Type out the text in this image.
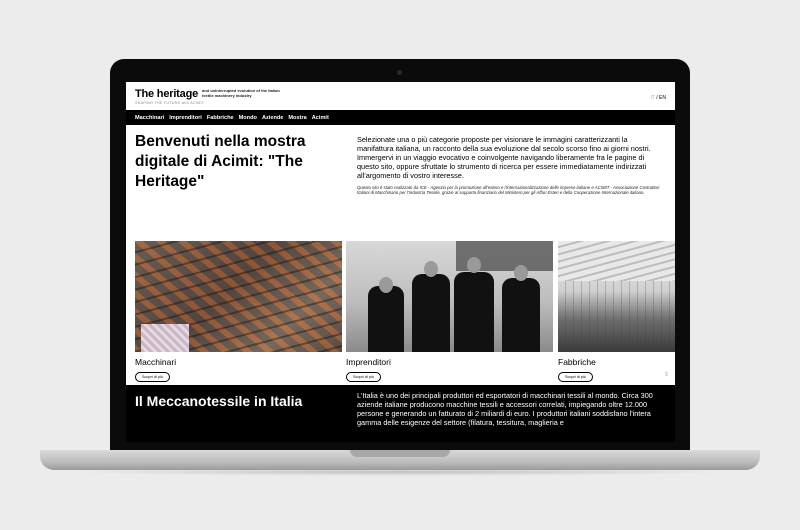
The heritage and uninterrupted evolution of the Italian textile machinery industry
SHAPING THE FUTURE with ACIMIT
IT / EN
Macchinari Imprenditori Fabbriche Mondo Aziende Mostra Acimit
Benvenuti nella mostra digitale di Acimit: "The Heritage"

Selezionate una o più categorie proposte per visionare le immagini caratterizzanti la manifattura italiana, un racconto della sua evoluzione dal secolo scorso fino ai giorni nostri. Immergervi in un viaggio evocativo e coinvolgente navigando liberamente fra le pagine di questo sito, oppure sfruttate lo strumento di ricerca per essere immediatamente indirizzati all'argomento di vostro interesse.

Questo sito è stato realizzato da ICE - Agenzia per la promozione all'estero e l'internazionalizzazione delle imprese italiane e ACIMIT - Associazione Costruttori Italiani di Macchinario per l'Industria Tessile, grazie al supporto finanziario del Ministero per gli Affari Esteri e della Cooperazione Internazionale italiano.

Macchinari
Scopri di più
Imprenditori
Scopri di più
Fabbriche
Scopri di più	⇧
Il Meccanotessile in Italia	L'Italia è uno dei principali produttori ed esportatori di macchinari tessili al mondo. Circa 300 aziende italiane producono macchine tessili e accessori correlati, impiegando oltre 12.000 persone e generando un fatturato di 2 miliardi di euro. I produttori italiani soddisfano l'intera gamma delle esigenze del settore (filatura, tessitura, maglieria e
